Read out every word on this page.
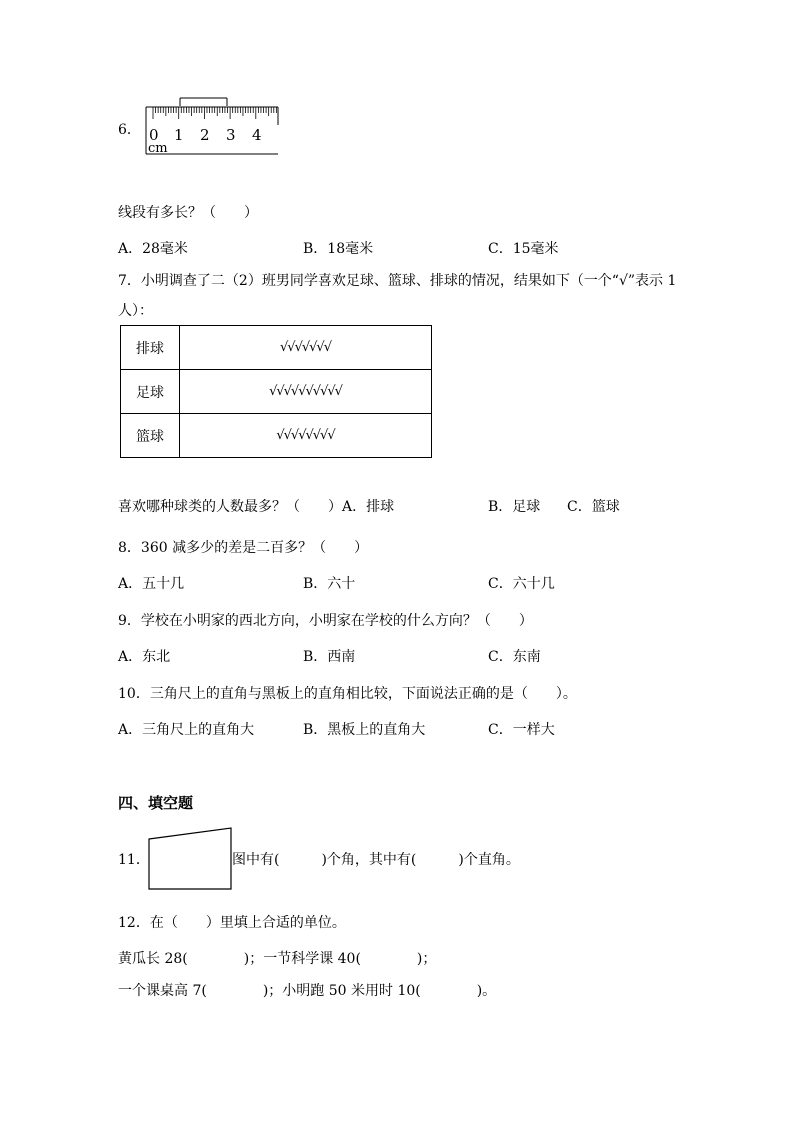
6． 0 1 2 3 4
cm
线段有多长？（　　）
A．28毫米	B．18毫米	C．15毫米
7．小明调查了二（2）班男同学喜欢足球、篮球、排球的情况，结果如下（一个“√”表示 1
人）：
排球	√√√√√√√
足球	√√√√√√√√√√
篮球	√√√√√√√√
喜欢哪种球类的人数最多？（　　）A．排球	B．足球 C．篮球
8．360 减多少的差是二百多？（　　）
A．五十几	B．六十	C．六十几
9．学校在小明家的西北方向，小明家在学校的什么方向？（　　）
A．东北	B．西南	C．东南
10．三角尺上的直角与黑板上的直角相比较，下面说法正确的是（　　）。
A．三角尺上的直角大	B．黑板上的直角大	C．一样大
四、填空题
11．	图中有(　　　)个角，其中有(　　　)个直角。
12．在（　　）里填上合适的单位。
黄瓜长 28(　　　　)；一节科学课 40(　　　　)；
一个课桌高 7(　　　　)；小明跑 50 米用时 10(　　　　)。
